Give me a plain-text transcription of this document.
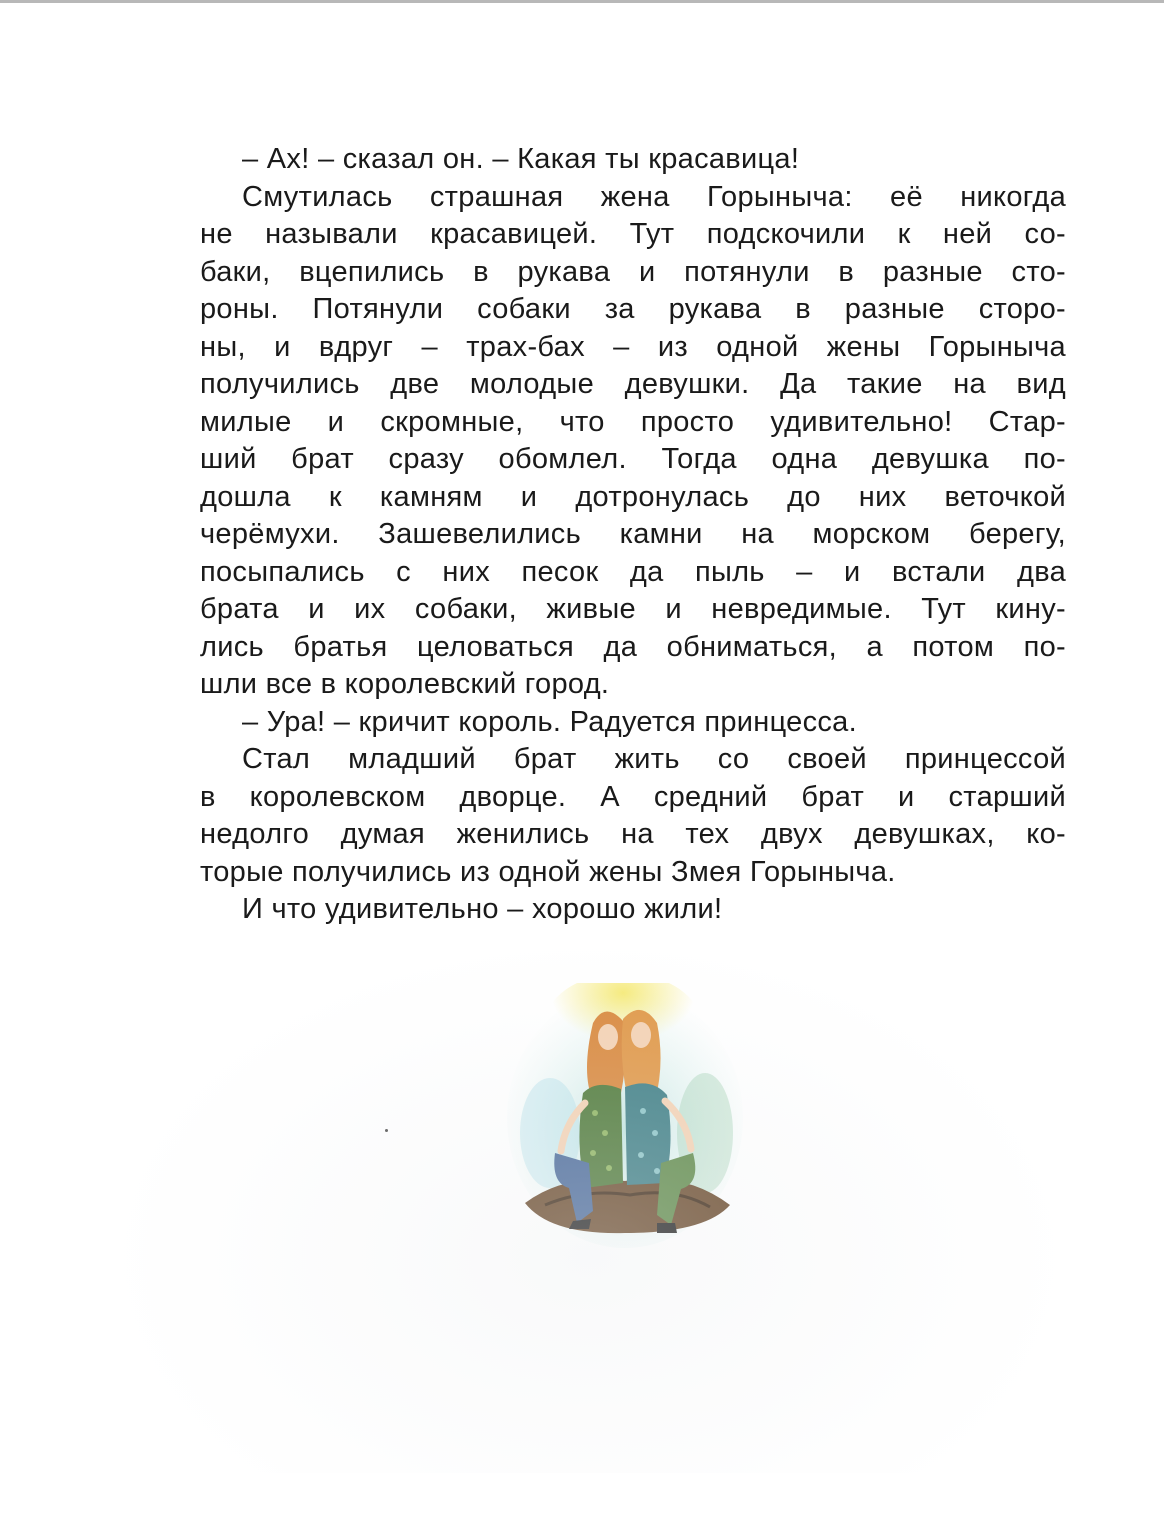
– Ах! – сказал он. – Какая ты красавица!
Смутилась страшная жена Горыныча: её никогда
не называли красавицей. Тут подскочили к ней со-
баки, вцепились в рукава и потянули в разные сто-
роны. Потянули собаки за рукава в разные сторо-
ны, и вдруг – трах-бах – из одной жены Горыныча
получились две молодые девушки. Да такие на вид
милые и скромные, что просто удивительно! Стар-
ший брат сразу обомлел. Тогда одна девушка по-
дошла к камням и дотронулась до них веточкой
черёмухи. Зашевелились камни на морском берегу,
посыпались с них песок да пыль – и встали два
брата и их собаки, живые и невредимые. Тут кину-
лись братья целоваться да обниматься, а потом по-
шли все в королевский город.
– Ура! – кричит король. Радуется принцесса.
Стал младший брат жить со своей принцессой
в королевском дворце. А средний брат и старший
недолго думая женились на тех двух девушках, ко-
торые получились из одной жены Змея Горыныча.
И что удивительно – хорошо жили!
